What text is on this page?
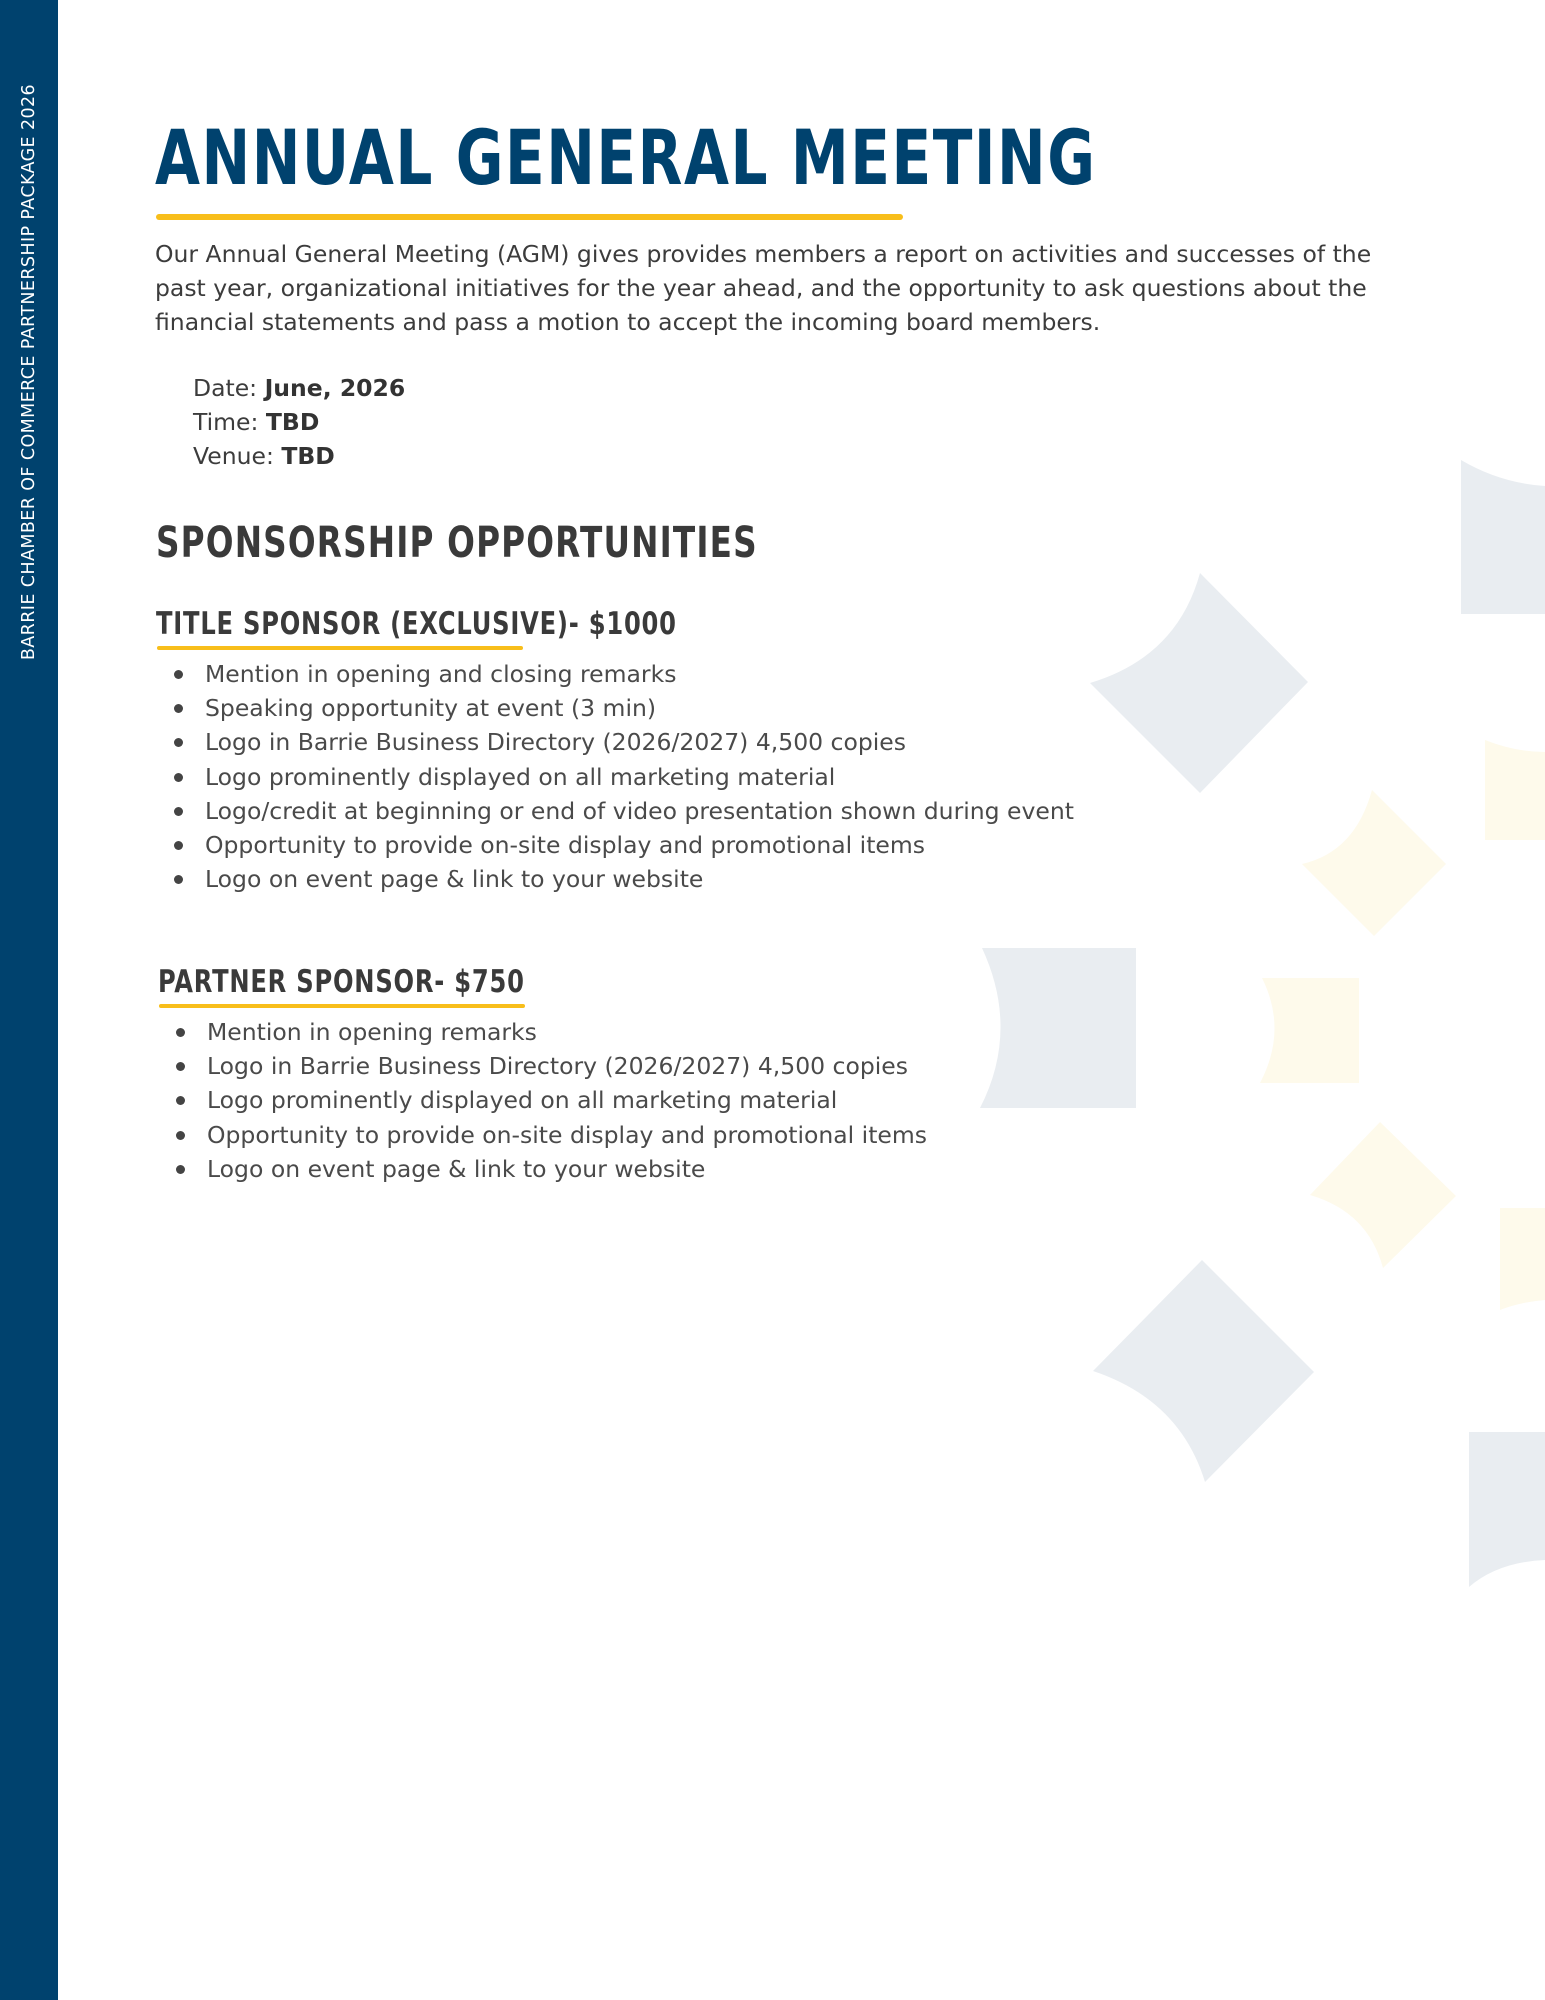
BARRIE CHAMBER OF COMMERCE PARTNERSHIP PACKAGE 2026 ANNUAL GENERAL MEETING

Our Annual General Meeting (AGM) gives provides members a report on activities and successes of the past year, organizational initiatives for the year ahead, and the opportunity to ask questions about the financial statements and pass a motion to accept the incoming board members.

Date: June, 2026
Time: TBD
Venue: TBD
SPONSORSHIP OPPORTUNITIES
TITLE SPONSOR (EXCLUSIVE)- $1000
Mention in opening and closing remarks
Speaking opportunity at event (3 min)
Logo in Barrie Business Directory (2026/2027) 4,500 copies
Logo prominently displayed on all marketing material
Logo/credit at beginning or end of video presentation shown during event
Opportunity to provide on-site display and promotional items
Logo on event page & link to your website
PARTNER SPONSOR- $750
Mention in opening remarks
Logo in Barrie Business Directory (2026/2027) 4,500 copies
Logo prominently displayed on all marketing material
Opportunity to provide on-site display and promotional items
Logo on event page & link to your website
